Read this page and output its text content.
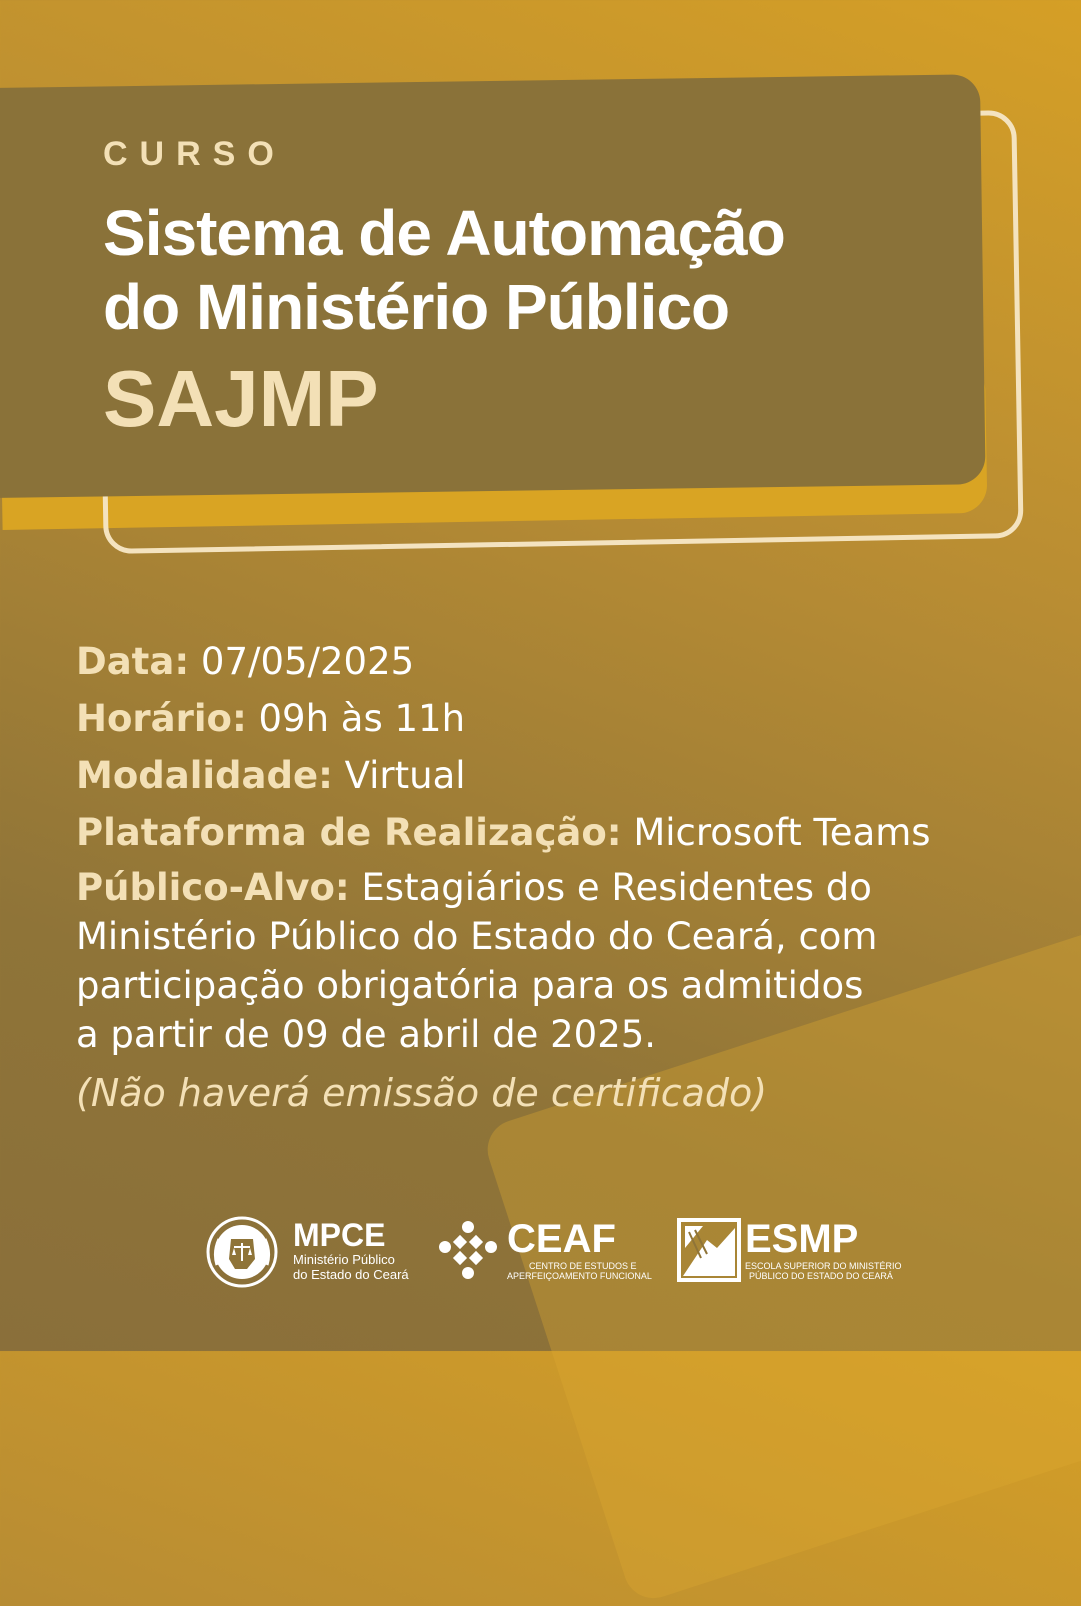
CURSO
Sistema de Automação
do Ministério Público
SAJMP
Data: 07/05/2025
Horário: 09h às 11h
Modalidade: Virtual
Plataforma de Realização: Microsoft Teams

Público-Alvo: Estagiários e Residentes do

Ministério Público do Estado do Ceará, com

participação obrigatória para os admitidos

a partir de 09 de abril de 2025.

(Não haverá emissão de certificado)
MPCE
Ministério Público
do Estado do Ceará
CEAF
CENTRO DE ESTUDOS E
APERFEIÇOAMENTO FUNCIONAL
ESMP
ESCOLA SUPERIOR DO MINISTÉRIO
PÚBLICO DO ESTADO DO CEARÁ
